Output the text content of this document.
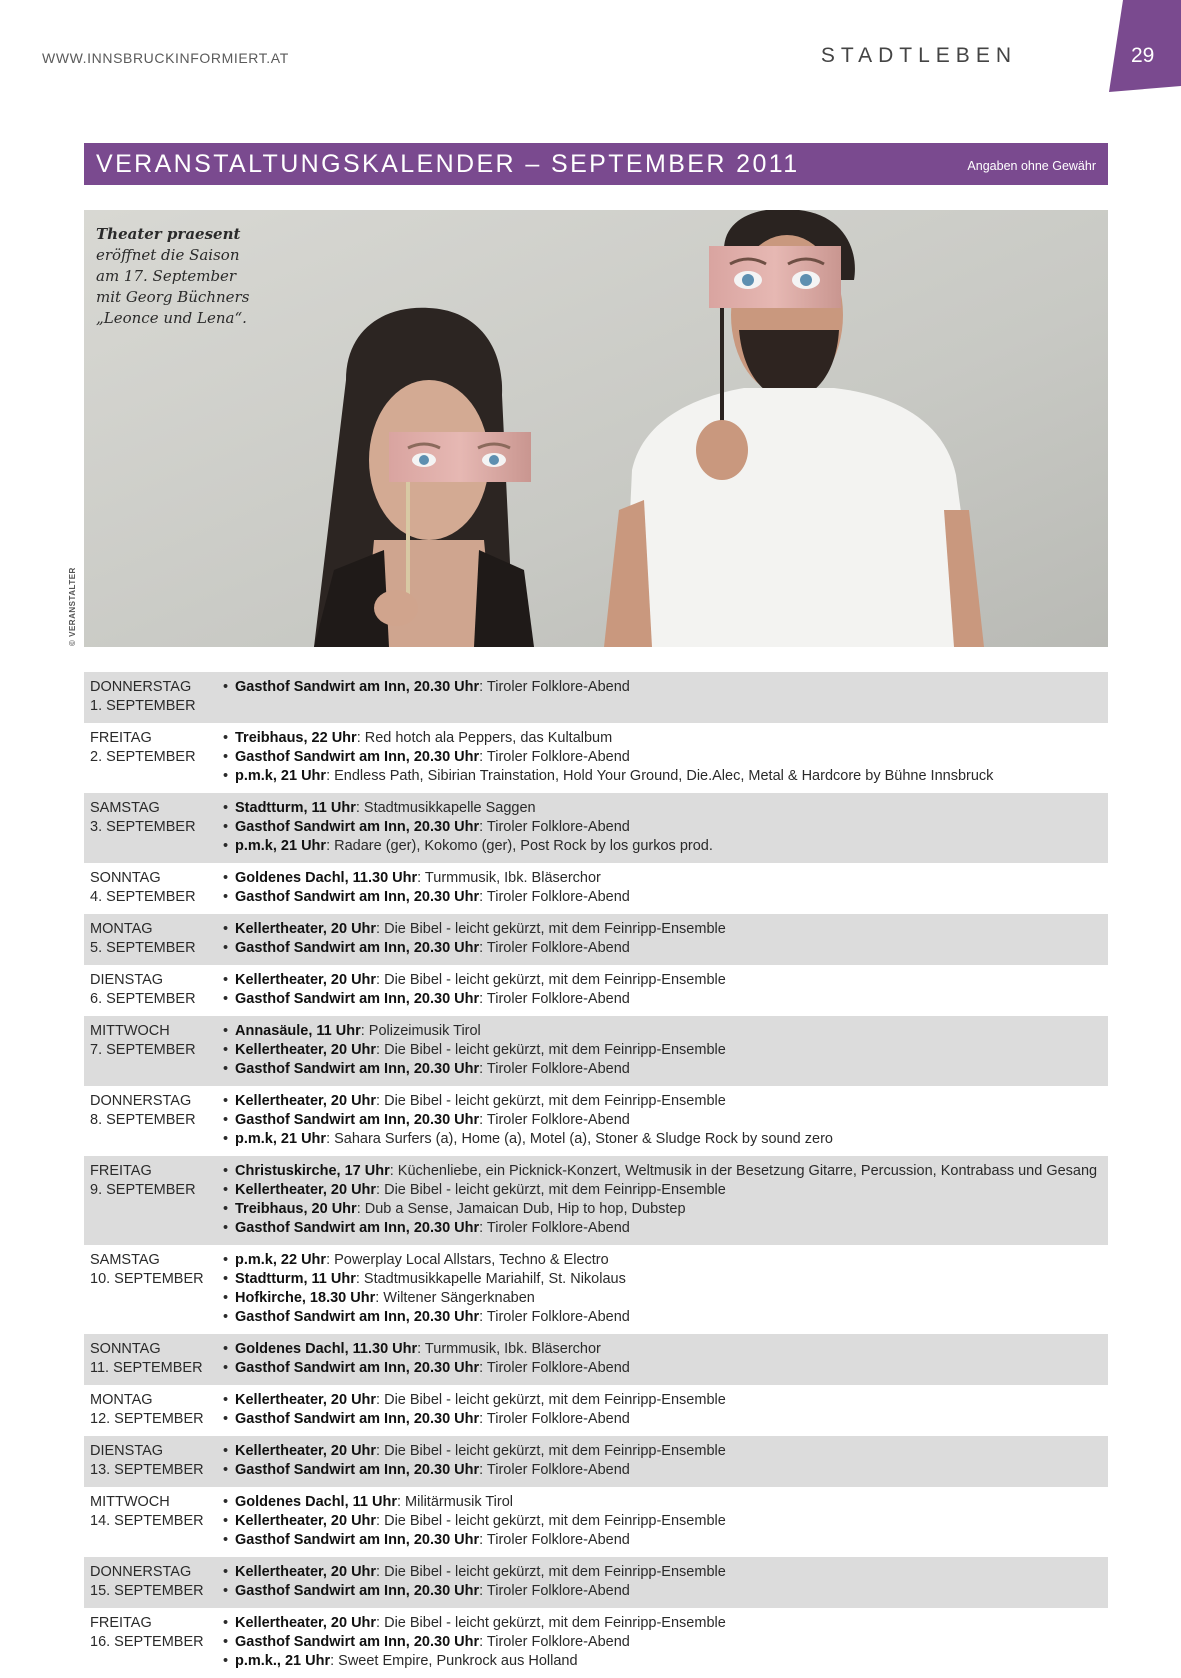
WWW.INNSBRUCKINFORMIERT.AT	STADTLEBEN	29
VERANSTALTUNGSKALENDER – SEPTEMBER 2011	Angaben ohne Gewähr
Theater praesent
eröffnet die Saison
am 17. September
mit Georg Büchners
„Leonce und Lena“.
© VERANSTALTER
DONNERSTAG
1. SEPTEMBER
• Gasthof Sandwirt am Inn, 20.30 Uhr: Tiroler Folklore-Abend
FREITAG
2. SEPTEMBER
• Treibhaus, 22 Uhr: Red hotch ala Peppers, das Kultalbum
• Gasthof Sandwirt am Inn, 20.30 Uhr: Tiroler Folklore-Abend
• p.m.k, 21 Uhr: Endless Path, Sibirian Trainstation, Hold Your Ground, Die.Alec, Metal & Hardcore by Bühne Innsbruck
SAMSTAG
3. SEPTEMBER
• Stadtturm, 11 Uhr: Stadtmusikkapelle Saggen
• Gasthof Sandwirt am Inn, 20.30 Uhr: Tiroler Folklore-Abend
• p.m.k, 21 Uhr: Radare (ger), Kokomo (ger), Post Rock by los gurkos prod.
SONNTAG
4. SEPTEMBER
• Goldenes Dachl, 11.30 Uhr: Turmmusik, Ibk. Bläserchor
• Gasthof Sandwirt am Inn, 20.30 Uhr: Tiroler Folklore-Abend
MONTAG
5. SEPTEMBER
• Kellertheater, 20 Uhr: Die Bibel - leicht gekürzt, mit dem Feinripp-Ensemble
• Gasthof Sandwirt am Inn, 20.30 Uhr: Tiroler Folklore-Abend
DIENSTAG
6. SEPTEMBER
• Kellertheater, 20 Uhr: Die Bibel - leicht gekürzt, mit dem Feinripp-Ensemble
• Gasthof Sandwirt am Inn, 20.30 Uhr: Tiroler Folklore-Abend
MITTWOCH
7. SEPTEMBER
• Annasäule, 11 Uhr: Polizeimusik Tirol
• Kellertheater, 20 Uhr: Die Bibel - leicht gekürzt, mit dem Feinripp-Ensemble
• Gasthof Sandwirt am Inn, 20.30 Uhr: Tiroler Folklore-Abend
DONNERSTAG
8. SEPTEMBER
• Kellertheater, 20 Uhr: Die Bibel - leicht gekürzt, mit dem Feinripp-Ensemble
• Gasthof Sandwirt am Inn, 20.30 Uhr: Tiroler Folklore-Abend
• p.m.k, 21 Uhr: Sahara Surfers (a), Home (a), Motel (a), Stoner & Sludge Rock by sound zero
FREITAG
9. SEPTEMBER
• Christuskirche, 17 Uhr: Küchenliebe, ein Picknick-Konzert, Weltmusik in der Besetzung Gitarre, Percussion, Kontrabass und Gesang
• Kellertheater, 20 Uhr: Die Bibel - leicht gekürzt, mit dem Feinripp-Ensemble
• Treibhaus, 20 Uhr: Dub a Sense, Jamaican Dub, Hip to hop, Dubstep
• Gasthof Sandwirt am Inn, 20.30 Uhr: Tiroler Folklore-Abend
SAMSTAG
10. SEPTEMBER
• p.m.k, 22 Uhr: Powerplay Local Allstars, Techno & Electro
• Stadtturm, 11 Uhr: Stadtmusikkapelle Mariahilf, St. Nikolaus
• Hofkirche, 18.30 Uhr: Wiltener Sängerknaben
• Gasthof Sandwirt am Inn, 20.30 Uhr: Tiroler Folklore-Abend
SONNTAG
11. SEPTEMBER
• Goldenes Dachl, 11.30 Uhr: Turmmusik, Ibk. Bläserchor
• Gasthof Sandwirt am Inn, 20.30 Uhr: Tiroler Folklore-Abend
MONTAG
12. SEPTEMBER
• Kellertheater, 20 Uhr: Die Bibel - leicht gekürzt, mit dem Feinripp-Ensemble
• Gasthof Sandwirt am Inn, 20.30 Uhr: Tiroler Folklore-Abend
DIENSTAG
13. SEPTEMBER
• Kellertheater, 20 Uhr: Die Bibel - leicht gekürzt, mit dem Feinripp-Ensemble
• Gasthof Sandwirt am Inn, 20.30 Uhr: Tiroler Folklore-Abend
MITTWOCH
14. SEPTEMBER
• Goldenes Dachl, 11 Uhr: Militärmusik Tirol
• Kellertheater, 20 Uhr: Die Bibel - leicht gekürzt, mit dem Feinripp-Ensemble
• Gasthof Sandwirt am Inn, 20.30 Uhr: Tiroler Folklore-Abend
DONNERSTAG
15. SEPTEMBER
• Kellertheater, 20 Uhr: Die Bibel - leicht gekürzt, mit dem Feinripp-Ensemble
• Gasthof Sandwirt am Inn, 20.30 Uhr: Tiroler Folklore-Abend
FREITAG
16. SEPTEMBER
• Kellertheater, 20 Uhr: Die Bibel - leicht gekürzt, mit dem Feinripp-Ensemble
• Gasthof Sandwirt am Inn, 20.30 Uhr: Tiroler Folklore-Abend
• p.m.k., 21 Uhr: Sweet Empire, Punkrock aus Holland
